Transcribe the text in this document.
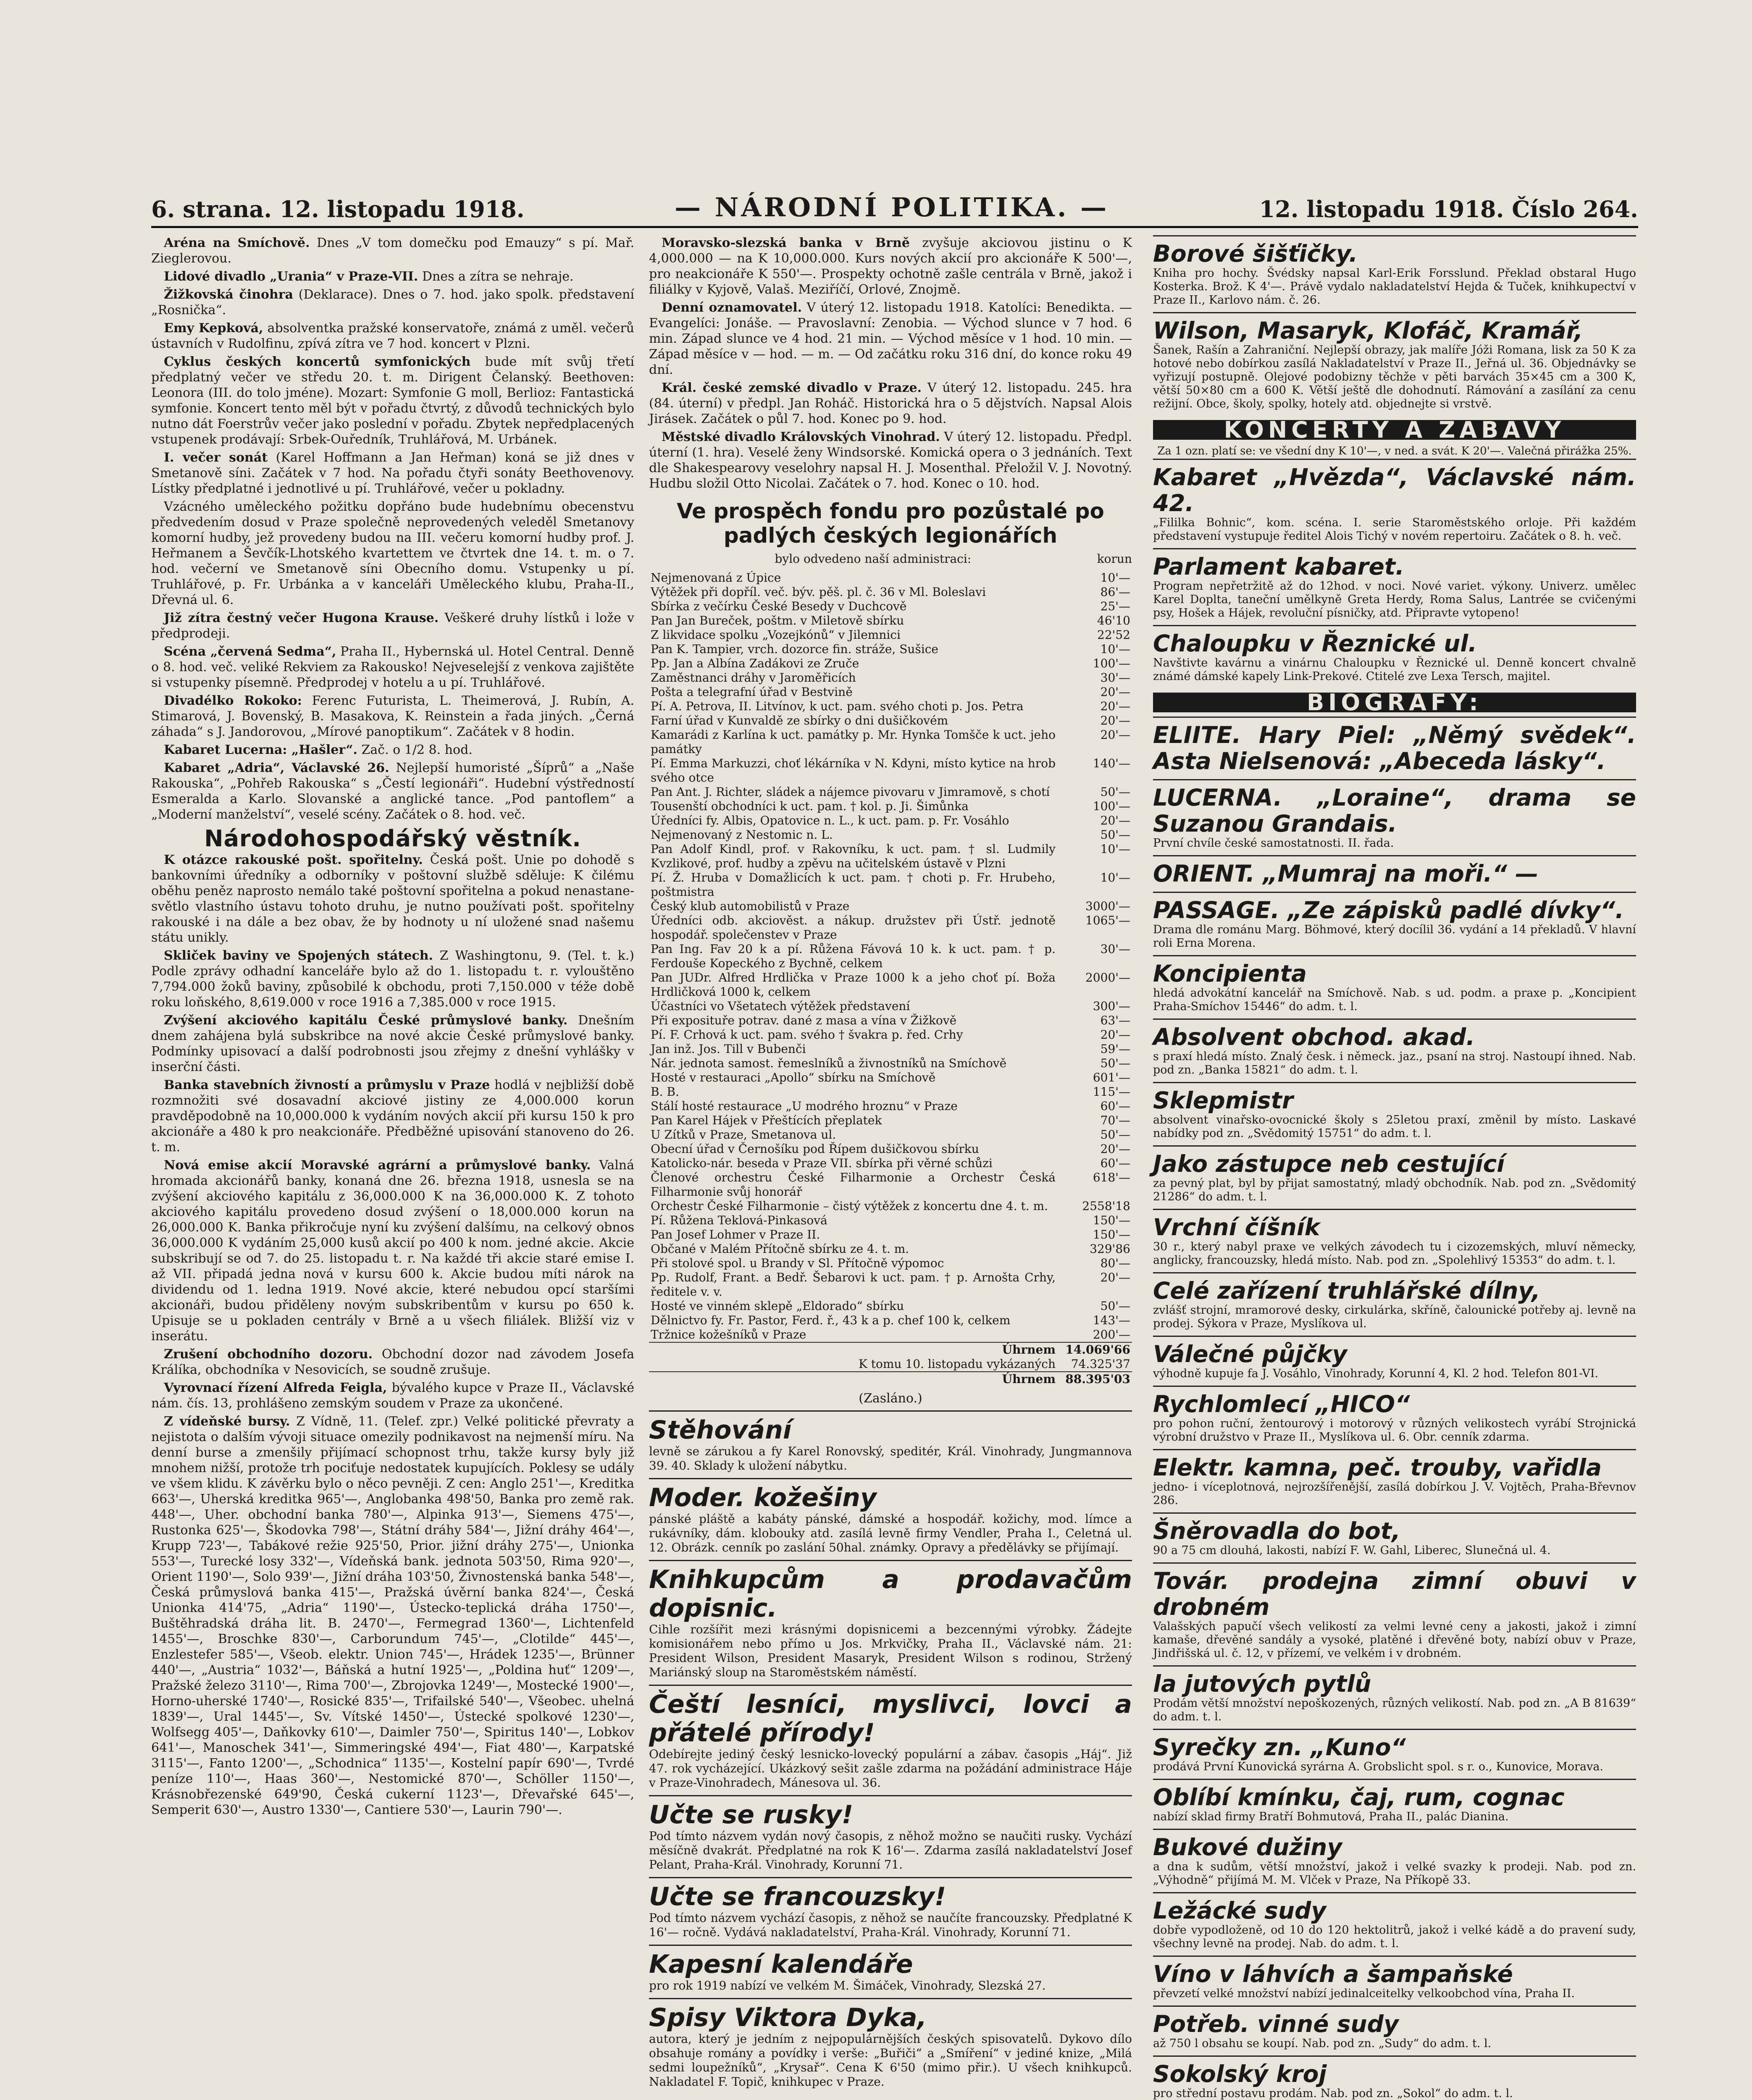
6. strana. 12. listopadu 1918.	— NÁRODNÍ POLITIKA. —	12. listopadu 1918. Číslo 264.

Aréna na Smíchově. Dnes „V tom domečku pod Emauzy“ s pí. Mař. Zieglerovou.

Lidové divadlo „Urania“ v Praze-VII. Dnes a zítra se nehraje.

Žižkovská činohra (Deklarace). Dnes o 7. hod. jako spolk. představení „Rosnička“.

Emy Kepková, absolventka pražské konservatoře, známá z uměl. večerů ústavních v Rudolfinu, zpívá zítra ve 7 hod. koncert v Plzni.

Cyklus českých koncertů symfonických bude mít svůj třetí předplatný večer ve středu 20. t. m. Dirigent Čelanský. Beethoven: Leonora (III. do tolo jméne). Mozart: Symfonie G moll, Berlioz: Fantastická symfonie. Koncert tento měl být v pořadu čtvrtý, z důvodů technických bylo nutno dát Foerstrův večer jako poslední v pořadu. Zbytek nepředplacených vstupenek prodávají: Srbek-Ouředník, Truhlářová, M. Urbánek.

I. večer sonát (Karel Hoffmann a Jan Heřman) koná se již dnes v Smetanově síni. Začátek v 7 hod. Na pořadu čtyři sonáty Beethovenovy. Lístky předplatné i jednotlivé u pí. Truhlářové, večer u pokladny.

Vzácného uměleckého požitku dopřáno bude hudebnímu obecenstvu předvedením dosud v Praze společně neprovedených veleděl Smetanovy komorní hudby, jež provedeny budou na III. večeru komorní hudby prof. J. Heřmanem a Ševčík-Lhotského kvartettem ve čtvrtek dne 14. t. m. o 7. hod. večerní ve Smetanově síni Obecního domu. Vstupenky u pí. Truhlářové, p. Fr. Urbánka a v kanceláři Uměleckého klubu, Praha-II., Dřevná ul. 6.

Již zítra čestný večer Hugona Krause. Veškeré druhy lístků i lože v předprodeji.

Scéna „červená Sedma“, Praha II., Hybernská ul. Hotel Central. Denně o 8. hod. več. veliké Rekviem za Rakousko! Nejveselejší z venkova zajištěte si vstupenky písemně. Předprodej v hotelu a u pí. Truhlářové.

Divadélko Rokoko: Ferenc Futurista, L. Theimerová, J. Rubín, A. Stimarová, J. Bovenský, B. Masakova, K. Reinstein a řada jiných. „Černá záhada“ s J. Jandorovou, „Mírové panoptikum“. Začátek v 8 hodin.

Kabaret Lucerna: „Hašler“. Zač. o 1/2 8. hod.

Kabaret „Adria“, Václavské 26. Nejlepší humoristé „Šíprů“ a „Naše Rakouska“, „Pohřeb Rakouska“ s „Čestí legionáři“. Hudební výstředností Esmeralda a Karlo. Slovanské a anglické tance. „Pod pantoflem“ a „Moderní manželství“, veselé scény. Začátek o 8. hod. več.

Národohospodářský věstník.

K otázce rakouské pošt. spořitelny. Česká pošt. Unie po dohodě s bankovními úředníky a odborníky v poštovní službě sděluje: K čilému oběhu peněz naprosto nemálo také poštovní spořitelna a pokud nenastane-světlo vlastního ústavu tohoto druhu, je nutno používati pošt. spořitelny rakouské i na dále a bez obav, že by hodnoty u ní uložené snad našemu státu unikly.

Skliček baviny ve Spojených státech. Z Washingtonu, 9. (Tel. t. k.) Podle zprávy odhadní kanceláře bylo až do 1. listopadu t. r. vylouštěno 7,794.000 žoků baviny, způsobilé k obchodu, proti 7,150.000 v téže době roku loňského, 8,619.000 v roce 1916 a 7,385.000 v roce 1915.

Zvýšení akciového kapitálu České průmyslové banky. Dnešním dnem zahájena bylá subskribce na nové akcie České průmyslové banky. Podmínky upisovací a další podrobnosti jsou zřejmy z dnešní vyhlášky v inserční části.

Banka stavebních živností a průmyslu v Praze hodlá v nejbližší době rozmnožiti své dosavadní akciové jistiny ze 4,000.000 korun pravděpodobně na 10,000.000 k vydáním nových akcií při kursu 150 k pro akcionáře a 480 k pro neakcionáře. Předběžné upisování stanoveno do 26. t. m.

Nová emise akcií Moravské agrární a průmyslové banky. Valná hromada akcionářů banky, konaná dne 26. března 1918, usnesla se na zvýšení akciového kapitálu z 36,000.000 K na 36,000.000 K. Z tohoto akciového kapitálu provedeno dosud zvýšení o 18,000.000 korun na 26,000.000 K. Banka přikročuje nyní ku zvýšení dalšímu, na celkový obnos 36,000.000 K vydáním 25,000 kusů akcií po 400 k nom. jedné akcie. Akcie subskribují se od 7. do 25. listopadu t. r. Na každé tři akcie staré emise I. až VII. připadá jedna nová v kursu 600 k. Akcie budou míti nárok na dividendu od 1. ledna 1919. Nové akcie, které nebudou opcí staršími akcionáři, budou přiděleny novým subskribentům v kursu po 650 k. Upisuje se u pokladen centrály v Brně a u všech filiálek. Bližší viz v inserátu.

Zrušení obchodního dozoru. Obchodní dozor nad závodem Josefa Králíka, obchodníka v Nesovicích, se soudně zrušuje.

Vyrovnací řízení Alfreda Feigla, bývalého kupce v Praze II., Václavské nám. čís. 13, prohlášeno zemským soudem v Praze za ukončené.

Z vídeňské bursy. Z Vídně, 11. (Telef. zpr.) Velké politické převraty a nejistota o dalším vývoji situace omezily podnikavost na nejmenší míru. Na denní burse a zmenšily přijímací schopnost trhu, takže kursy byly již mnohem nižší, protože trh pociťuje nedostatek kupujících. Poklesy se udály ve všem klidu. K závěrku bylo o něco pevněji. Z cen: Anglo 251'—, Kreditka 663'—, Uherská kreditka 965'—, Anglobanka 498'50, Banka pro země rak. 448'—, Uher. obchodní banka 780'—, Alpinka 913'—, Siemens 475'—, Rustonka 625'—, Škodovka 798'—, Státní dráhy 584'—, Jižní dráhy 464'—, Krupp 723'—, Tabákové režie 925'50, Prior. jižní dráhy 275'—, Unionka 553'—, Turecké losy 332'—, Vídeňská bank. jednota 503'50, Rima 920'—, Orient 1190'—, Solo 939'—, Jižní dráha 103'50, Živnostenská banka 548'—, Česká průmyslová banka 415'—, Pražská úvěrní banka 824'—, Česká Unionka 414'75, „Adria“ 1190'—, Ústecko-teplická dráha 1750'—, Buštěhradská dráha lit. B. 2470'—, Fermegrad 1360'—, Lichtenfeld 1455'—, Broschke 830'—, Carborundum 745'—, „Clotilde“ 445'—, Enzlestefer 585'—, Všeob. elektr. Union 745'—, Hrádek 1235'—, Brünner 440'—, „Austria“ 1032'—, Báňská a hutní 1925'—, „Poldina huť“ 1209'—, Pražské železo 3110'—, Rima 700'—, Zbrojovka 1249'—, Mostecké 1900'—, Horno-uherské 1740'—, Rosické 835'—, Trifailské 540'—, Všeobec. uhelná 1839'—, Ural 1445'—, Sv. Vítské 1450'—, Ústecké spolkové 1230'—, Wolfsegg 405'—, Daňkovky 610'—, Daimler 750'—, Spiritus 140'—, Lobkov 641'—, Manoschek 341'—, Simmeringské 494'—, Fiat 480'—, Karpatské 3115'—, Fanto 1200'—, „Schodnica“ 1135'—, Kostelní papír 690'—, Tvrdé peníze 110'—, Haas 360'—, Nestomické 870'—, Schöller 1150'—, Krásnobřezenské 649'90, Česká cukerní 1123'—, Dřevařské 645'—, Semperit 630'—, Austro 1330'—, Cantiere 530'—, Laurin 790'—.

Moravsko-slezská banka v Brně zvyšuje akciovou jistinu o K 4,000.000 — na K 10,000.000. Kurs nových akcií pro akcionáře K 500'—, pro neakcionáře K 550'—. Prospekty ochotně zašle centrála v Brně, jakož i filiálky v Kyjově, Valaš. Meziříčí, Orlové, Znojmě.

Denní oznamovatel. V úterý 12. listopadu 1918. Katolíci: Benedikta. — Evangelíci: Jonáše. — Pravoslavní: Zenobia. — Východ slunce v 7 hod. 6 min. Západ slunce ve 4 hod. 21 min. — Východ měsíce v 1 hod. 10 min. — Západ měsíce v — hod. — m. — Od začátku roku 316 dní, do konce roku 49 dní.

Král. české zemské divadlo v Praze. V úterý 12. listopadu. 245. hra (84. úterní) v předpl. Jan Roháč. Historická hra o 5 dějstvích. Napsal Alois Jirásek. Začátek o půl 7. hod. Konec po 9. hod.

Městské divadlo Královských Vinohrad. V úterý 12. listopadu. Předpl. úterní (1. hra). Veselé ženy Windsorské. Komická opera o 3 jednáních. Text dle Shakespearovy veselohry napsal H. J. Mosenthal. Přeložil V. J. Novotný. Hudbu složil Otto Nicolai. Začátek o 7. hod. Konec o 10. hod.

Ve prospěch fondu pro pozůstalé po padlých českých legionářích
bylo odvedeno naší administraci:	korun
Nejmenovaná z Úpice	10'—
Výtěžek při dopříl. več. býv. pěš. pl. č. 36 v Ml. Boleslavi	86'—
Sbírka z večírku České Besedy v Duchcově	25'—
Pan Jan Bureček, poštm. v Miletově sbírku	46'10
Z likvidace spolku „Vozejkónů“ v Jilemnici	22'52
Pan K. Tampier, vrch. dozorce fin. stráže, Sušice	10'—
Pp. Jan a Albína Zadákovi ze Zruče	100'—
Zaměstnanci dráhy v Jaroměřicích	30'—
Pošta a telegrafní úřad v Bestvině	20'—
Pí. A. Petrova, II. Litvínov, k uct. pam. svého choti p. Jos. Petra	20'—
Farní úřad v Kunvaldě ze sbírky o dni dušičkovém	20'—
Kamarádi z Karlína k uct. památky p. Mr. Hynka Tomšče k uct. jeho památky	20'—
Pí. Emma Markuzzi, choť lékárníka v N. Kdyni, místo kytice na hrob svého otce	140'—
Pan Ant. J. Richter, sládek a nájemce pivovaru v Jimramově, s chotí	50'—
Tousenští obchodníci k uct. pam. † kol. p. Ji. Šimůnka	100'—
Úředníci fy. Albis, Opatovice n. L., k uct. pam. p. Fr. Vosáhlo	20'—
Nejmenovaný z Nestomic n. L.	50'—
Pan Adolf Kindl, prof. v Rakovníku, k uct. pam. † sl. Ludmily Kvzlikové, prof. hudby a zpěvu na učitelském ústavě v Plzni	10'—
Pí. Ž. Hruba v Domažlicích k uct. pam. † choti p. Fr. Hrubeho, poštmistra	10'—
Český klub automobilistů v Praze	3000'—
Úředníci odb. akciověst. a nákup. družstev při Ústř. jednotě hospodář. společenstev v Praze	1065'—
Pan Ing. Fav 20 k a pí. Růžena Fávová 10 k. k uct. pam. † p. Ferdouše Kopeckého z Bychně, celkem	30'—
Pan JUDr. Alfred Hrdlička v Praze 1000 k a jeho choť pí. Boža Hrdličková 1000 k, celkem	2000'—
Účastníci vo Všetatech výtěžek představení	300'—
Při exposituře potrav. dané z masa a vína v Žižkově	63'—
Pí. F. Crhová k uct. pam. svého † švakra p. řed. Crhy	20'—
Jan inž. Jos. Till v Bubenči	59'—
Nár. jednota samost. řemeslníků a živnostníků na Smíchově	50'—
Hosté v restauraci „Apollo“ sbírku na Smíchově	601'—
B. B.	115'—
Stálí hosté restaurace „U modrého hroznu“ v Praze	60'—
Pan Karel Hájek v Přeštících přeplatek	70'—
U Zítků v Praze, Smetanova ul.	50'—
Obecní úřad v Černošíku pod Řípem dušičkovou sbírku	20'—
Katolicko-nár. beseda v Praze VII. sbírka při věrné schůzi	60'—
Členové orchestru České Filharmonie a Orchestr Česká Filharmonie svůj honorář	618'—
Orchestr České Filharmonie – čistý výtěžek z koncertu dne 4. t. m.	2558'18
Pí. Růžena Teklová-Pinkasová	150'—
Pan Josef Lohmer v Praze II.	150'—
Občané v Malém Přítočně sbírku ze 4. t. m.	329'86
Při stolové spol. u Brandy v Sl. Přítočně výpomoc	80'—
Pp. Rudolf, Frant. a Bedř. Šebarovi k uct. pam. † p. Arnošta Crhy, ředitele v. v.	20'—
Hosté ve vinném sklepě „Eldorado“ sbírku	50'—
Dělnictvo fy. Fr. Pastor, Ferd. ř., 43 k a p. chef 100 k, celkem	143'—
Tržnice kožešníků v Praze	200'—
Úhrnem	14.069'66
K tomu 10. listopadu vykázaných	74.325'37
Úhrnem	88.395'03
(Zasláno.)
Stěhování
levně se zárukou a fy Karel Ronovský, speditér, Král. Vinohrady, Jungmannova 39. 40. Sklady k uložení nábytku.
Moder. kožešiny
pánské pláště a kabáty pánské, dámské a hospodář. kožichy, mod. límce a rukávníky, dám. klobouky atd. zasílá levně firmy Vendler, Praha I., Celetná ul. 12. Obrázk. cenník po zaslání 50hal. známky. Opravy a předělávky se přijímají.
Knihkupcům a prodavačům dopisnic.
Cihle rozšířit mezi krásnými dopisnicemi a bezcennými výrobky. Žádejte komisionářem nebo přímo u Jos. Mrkvičky, Praha II., Václavské nám. 21: President Wilson, President Masaryk, President Wilson s rodinou, Stržený Mariánský sloup na Staroměstském náměstí.
Čeští lesníci, myslivci, lovci a přátelé přírody!
Odebírejte jediný český lesnicko-lovecký populární a zábav. časopis „Háj“. Již 47. rok vycházející. Ukázkový sešit zašle zdarma na požádání administrace Háje v Praze-Vinohradech, Mánesova ul. 36.
Učte se rusky!
Pod tímto názvem vydán nový časopis, z něhož možno se naučiti rusky. Vychází měsíčně dvakrát. Předplatné na rok K 16'—. Zdarma zasílá nakladatelství Josef Pelant, Praha-Král. Vinohrady, Korunní 71.
Učte se francouzsky!
Pod tímto názvem vychází časopis, z něhož se naučíte francouzsky. Předplatné K 16'— ročně. Vydává nakladatelství, Praha-Král. Vinohrady, Korunní 71.
Kapesní kalendáře
pro rok 1919 nabízí ve velkém M. Šimáček, Vinohrady, Slezská 27.
Spisy Viktora Dyka,
autora, který je jedním z nejpopulárnějších českých spisovatelů. Dykovo dílo obsahuje romány a povídky i verše: „Buřiči“ a „Smíření“ v jediné knize, „Milá sedmi loupežníků“, „Krysař“. Cena K 6'50 (mimo přir.). U všech knihkupců. Nakladatel F. Topič, knihkupec v Praze.
Borové šišťičky.
Kniha pro hochy. Švédsky napsal Karl-Erik Forsslund. Překlad obstaral Hugo Kosterka. Brož. K 4'—. Právě vydalo nakladatelství Hejda & Tuček, knihkupectví v Praze II., Karlovo nám. č. 26.
Wilson, Masaryk, Klofáč, Kramář,
Šanek, Rašín a Zahraniční. Nejlepší obrazy, jak malíře Jóži Romana, lisk za 50 K za hotové nebo dobírkou zasílá Nakladatelství v Praze II., Jeřná ul. 36. Objednávky se vyřizují postupně. Olejové podobizny těchže v pěti barvách 35×45 cm a 300 K, větší 50×80 cm a 600 K. Větší ještě dle dohodnutí. Rámování a zasílání za cenu režijní. Obce, školy, spolky, hotely atd. objednejte si vrstvě.
KONCERTY A ZÁBAVY
Za 1 ozn. platí se: ve všední dny K 10'—, v ned. a svát. K 20'—. Valečná přirážka 25%.
Kabaret „Hvězda“, Václavské nám. 42.
„Fililka Bohnic“, kom. scéna. I. serie Staroměstského orloje. Při každém představení vystupuje ředitel Alois Tichý v novém repertoiru. Začátek o 8. h. več.
Parlament kabaret.
Program nepřetržitě až do 12hod. v noci. Nové variet. výkony. Univerz. umělec Karel Doplta, taneční umělkyně Greta Herdy, Roma Salus, Lantrée se cvičenými psy, Hošek a Hájek, revoluční písničky, atd. Připravte vytopeno!
Chaloupku v Řeznické ul.
Navštivte kavárnu a vinárnu Chaloupku v Řeznické ul. Denně koncert chvalně známé dámské kapely Link-Prekové. Ctitelé zve Lexa Tersch, majitel.
BIOGRAFY:
ELIITE. Hary Piel: „Němý svědek“. Asta Nielsenová: „Abeceda lásky“.
LUCERNA. „Loraine“, drama se Suzanou Grandais.
První chvíle české samostatnosti. II. řada.
ORIENT. „Mumraj na moři.“ —
PASSAGE. „Ze zápisků padlé dívky“.
Drama dle románu Marg. Böhmové, který docílil 36. vydání a 14 překladů. V hlavní roli Erna Morena.
Koncipienta
hledá advokátní kancelář na Smíchově. Nab. s ud. podm. a praxe p. „Koncipient Praha-Smíchov 15446“ do adm. t. l.
Absolvent obchod. akad.
s praxí hledá místo. Znalý česk. i německ. jaz., psaní na stroj. Nastoupí ihned. Nab. pod zn. „Banka 15821“ do adm. t. l.
Sklepmistr
absolvent vinařsko-ovocnické školy s 25letou praxí, změnil by místo. Laskavé nabídky pod zn. „Svědomitý 15751“ do adm. t. l.
Jako zástupce neb cestující
za pevný plat, byl by přijat samostatný, mladý obchodník. Nab. pod zn. „Svědomitý 21286“ do adm. t. l.
Vrchní číšník
30 r., který nabyl praxe ve velkých závodech tu i cizozemských, mluví německy, anglicky, francouzsky, hledá místo. Nab. pod zn. „Spolehlivý 15353“ do adm. t. l.
Celé zařízení truhlářské dílny,
zvlášť strojní, mramorové desky, cirkulárka, skříně, čalounické potřeby aj. levně na prodej. Sýkora v Praze, Myslíkova ul.
Válečné půjčky
výhodně kupuje fa J. Vosáhlo, Vinohrady, Korunní 4, Kl. 2 hod. Telefon 801-VI.
Rychlomlecí „HICO“
pro pohon ruční, žentourový i motorový v různých velikostech vyrábí Strojnická výrobní družstvo v Praze II., Myslíkova ul. 6. Obr. cenník zdarma.
Elektr. kamna, peč. trouby, vařidla
jedno- i víceplotnová, nejrozšířenější, zasílá dobírkou J. V. Vojtěch, Praha-Břevnov 286.
Šněrovadla do bot,
90 a 75 cm dlouhá, lakosti, nabízí F. W. Gahl, Liberec, Slunečná ul. 4.
Továr. prodejna zimní obuvi v drobném
Valašských papučí všech velikostí za velmi levné ceny a jakosti, jakož i zimní kamaše, dřevěné sandály a vysoké, platěné i dřevěné boty, nabízí obuv v Praze, Jindřišská ul. č. 12, v přízemí, ve velkém i v drobném.
la jutových pytlů
Prodám větší množství nepoškozených, různých velikostí. Nab. pod zn. „A B 81639“ do adm. t. l.
Syrečky zn. „Kuno“
prodává První Kunovická syrárna A. Grobslicht spol. s r. o., Kunovice, Morava.
Oblíbí kmínku, čaj, rum, cognac
nabízí sklad firmy Bratří Bohmutová, Praha II., palác Dianina.
Bukové dužiny
a dna k sudům, větší množství, jakož i velké svazky k prodeji. Nab. pod zn. „Výhodně“ přijímá M. M. Vlček v Praze, Na Příkopě 33.
Ležácké sudy
dobře vypodloženě, od 10 do 120 hektolitrů, jakož i velké kádě a do pravení sudy, všechny levně na prodej. Nab. do adm. t. l.
Víno v láhvích a šampaňské
převzetí velké množství nabízí jedinalceitelky velkoobchod vína, Praha II.
Potřeb. vinné sudy
až 750 l obsahu se koupí. Nab. pod zn. „Sudy“ do adm. t. l.
Sokolský kroj
pro střední postavu prodám. Nab. pod zn. „Sokol“ do adm. t. l.
